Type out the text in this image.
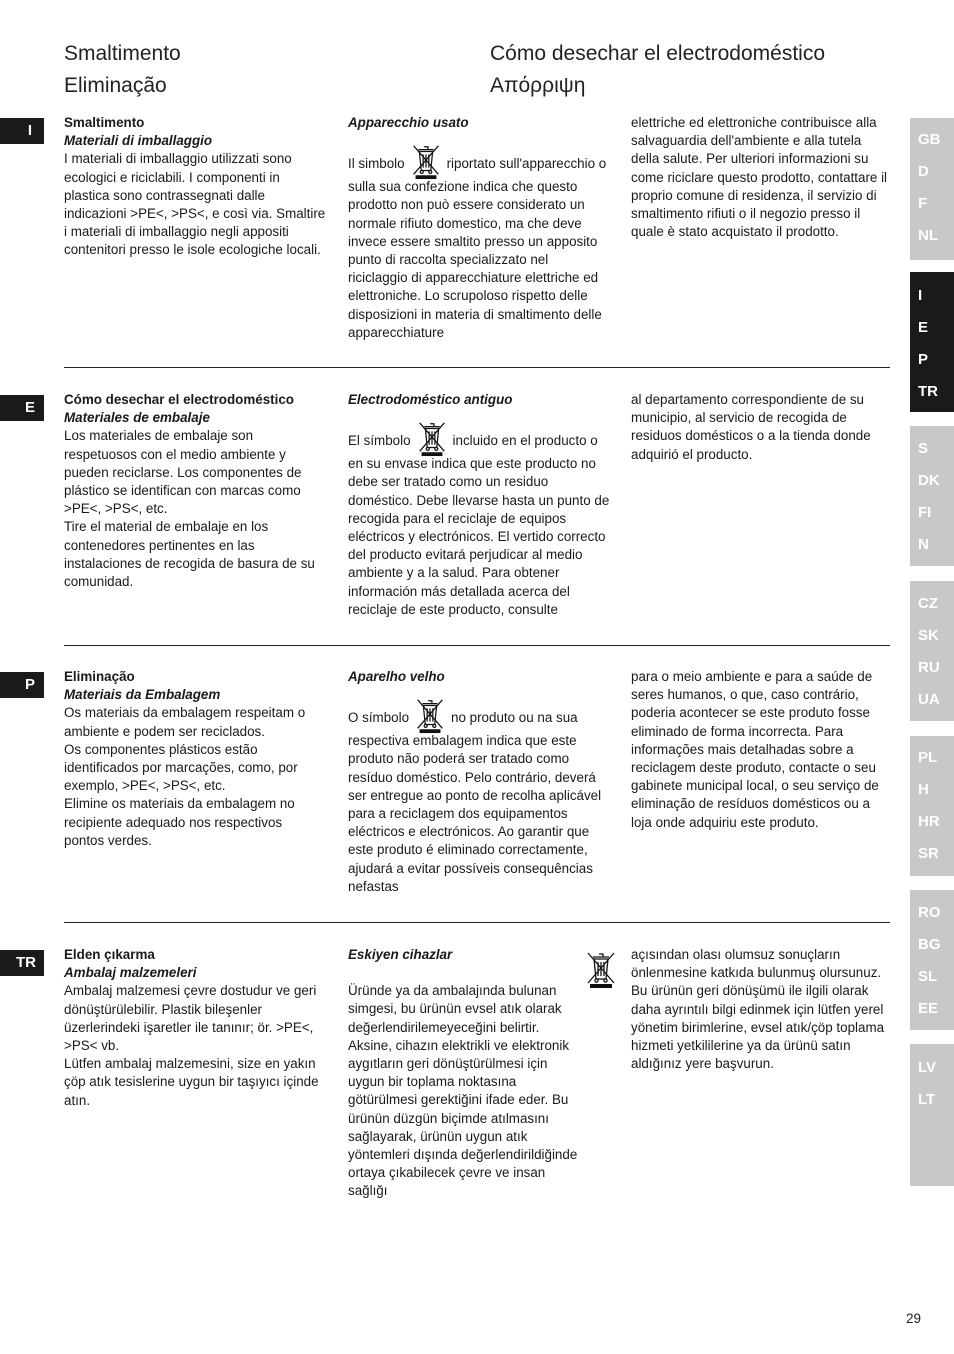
Smaltimento
Eliminação
Cómo desechar el electrodoméstico
Απόρριψη
I	Smaltimento
Materiali di imballaggio
I materiali di imballaggio utilizzati sono ecologici e riciclabili. I componenti in plastica sono contrassegnati dalle indicazioni >PE<, >PS<, e così via. Smaltire i materiali di imballaggio negli appositi contenitori presso le isole ecologiche locali.
Apparecchio usato
Il simbolo	riportato sull'apparecchio o sulla sua confezione indica che questo prodotto non può essere considerato un normale rifiuto domestico, ma che deve invece essere smaltito presso un apposito punto di raccolta specializzato nel riciclaggio di apparecchiature elettriche ed elettroniche. Lo scrupoloso rispetto delle disposizioni in materia di smaltimento delle apparecchiature
elettriche ed elettroniche contribuisce alla salvaguardia dell'ambiente e alla tutela della salute. Per ulteriori informazioni su come riciclare questo prodotto, contattare il proprio comune di residenza, il servizio di smaltimento rifiuti o il negozio presso il quale è stato acquistato il prodotto.
E	Cómo desechar el electrodoméstico
Materiales de embalaje
Los materiales de embalaje son respetuosos con el medio ambiente y pueden reciclarse. Los componentes de plástico se identifican con marcas como >PE<, >PS<, etc.
Tire el material de embalaje en los contenedores pertinentes en las instalaciones de recogida de basura de su comunidad.
Electrodoméstico antiguo
El símbolo	incluido en el producto o en su envase indica que este producto no debe ser tratado como un residuo doméstico. Debe llevarse hasta un punto de recogida para el reciclaje de equipos eléctricos y electrónicos. El vertido correcto del producto evitará perjudicar al medio ambiente y a la salud. Para obtener información más detallada acerca del reciclaje de este producto, consulte
al departamento correspondiente de su municipio, al servicio de recogida de residuos domésticos o a la tienda donde adquirió el producto.
P	Eliminação
Materiais da Embalagem
Os materiais da embalagem respeitam o ambiente e podem ser reciclados.
Os componentes plásticos estão identificados por marcações, como, por exemplo, >PE<, >PS<, etc.
Elimine os materiais da embalagem no recipiente adequado nos respectivos pontos verdes.
Aparelho velho
O símbolo	no produto ou na sua respectiva embalagem indica que este produto não poderá ser tratado como resíduo doméstico. Pelo contrário, deverá ser entregue ao ponto de recolha aplicável para a reciclagem dos equipamentos eléctricos e electrónicos. Ao garantir que este produto é eliminado correctamente, ajudará a evitar possíveis consequências nefastas
para o meio ambiente e para a saúde de seres humanos, o que, caso contrário, poderia acontecer se este produto fosse eliminado de forma incorrecta. Para informações mais detalhadas sobre a reciclagem deste produto, contacte o seu gabinete municipal local, o seu serviço de eliminação de resíduos domésticos ou a loja onde adquiriu este produto.
TR	Elden çıkarma
Ambalaj malzemeleri
Ambalaj malzemesi çevre dostudur ve geri dönüştürülebilir. Plastik bileşenler üzerlerindeki işaretler ile tanınır; ör. >PE<, >PS< vb.
Lütfen ambalaj malzemesini, size en yakın çöp atık tesislerine uygun bir taşıyıcı içinde atın.
Eskiyen cihazlar
Üründe ya da ambalajında bulunan simgesi, bu ürünün evsel atık olarak değerlendirilemeyeceğini belirtir. Aksine, cihazın elektrikli ve elektronik aygıtların geri dönüştürülmesi için uygun bir toplama noktasına götürülmesi gerektiğini ifade eder. Bu ürünün düzgün biçimde atılmasını sağlayarak, ürünün uygun atık yöntemleri dışında değerlendirildiğinde ortaya çıkabilecek çevre ve insan sağlığı
açısından olası olumsuz sonuçların önlenmesine katkıda bulunmuş olursunuz. Bu ürünün geri dönüşümü ile ilgili olarak daha ayrıntılı bilgi edinmek için lütfen yerel yönetim birimlerine, evsel atık/çöp toplama hizmeti yetkililerine ya da ürünü satın aldığınız yere başvurun.
GB
D
F
NL
I
E
P
TR
S
DK
FI
N
CZ
SK
RU
UA
PL
H
HR
SR
RO
BG
SL
EE
LV
LT
29
